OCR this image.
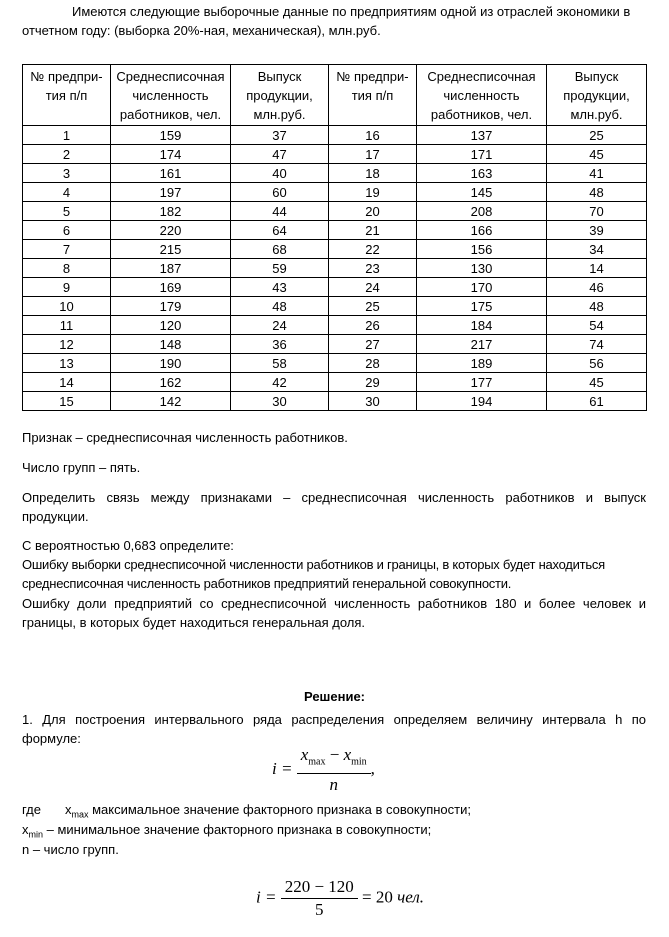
Имеются следующие выборочные данные по предприятиям одной из отраслей экономики в отчетном году: (выборка 20%-ная, механическая), млн.руб.
№ предпри-тия п/п	Среднесписочная численность работников, чел.	Выпуск продукции, млн.руб.	№ предпри-тия п/п	Среднесписочная численность работников, чел.	Выпуск продукции, млн.руб.
1	159	37	16	137	25
2	174	47	17	171	45
3	161	40	18	163	41
4	197	60	19	145	48
5	182	44	20	208	70
6	220	64	21	166	39
7	215	68	22	156	34
8	187	59	23	130	14
9	169	43	24	170	46
10	179	48	25	175	48
11	120	24	26	184	54
12	148	36	27	217	74
13	190	58	28	189	56
14	162	42	29	177	45
15	142	30	30	194	61
Признак – среднесписочная численность работников.
Число групп – пять.
Определить связь между признаками – среднесписочная численность работников и выпуск продукции.
С вероятностью 0,683 определите:
Ошибку выборки среднесписочной численности работников и границы, в которых будет находиться среднесписочная численность работников предприятий генеральной совокупности.
Ошибку доли предприятий со среднесписочной численность работников 180 и более человек и границы, в которых будет находиться генеральная доля.
Решение:
1. Для построения интервального ряда распределения определяем величину интервала h по формуле:
$i = \frac{x_{max} - x_{min}}{n}$ ,
где $x_{max}$ максимальное значение факторного признака в совокупности;
$x_{min}$ – минимальное значение факторного признака в совокупности;
n – число групп.
$i = \frac{220 - 120}{5} = 20$ чел.
